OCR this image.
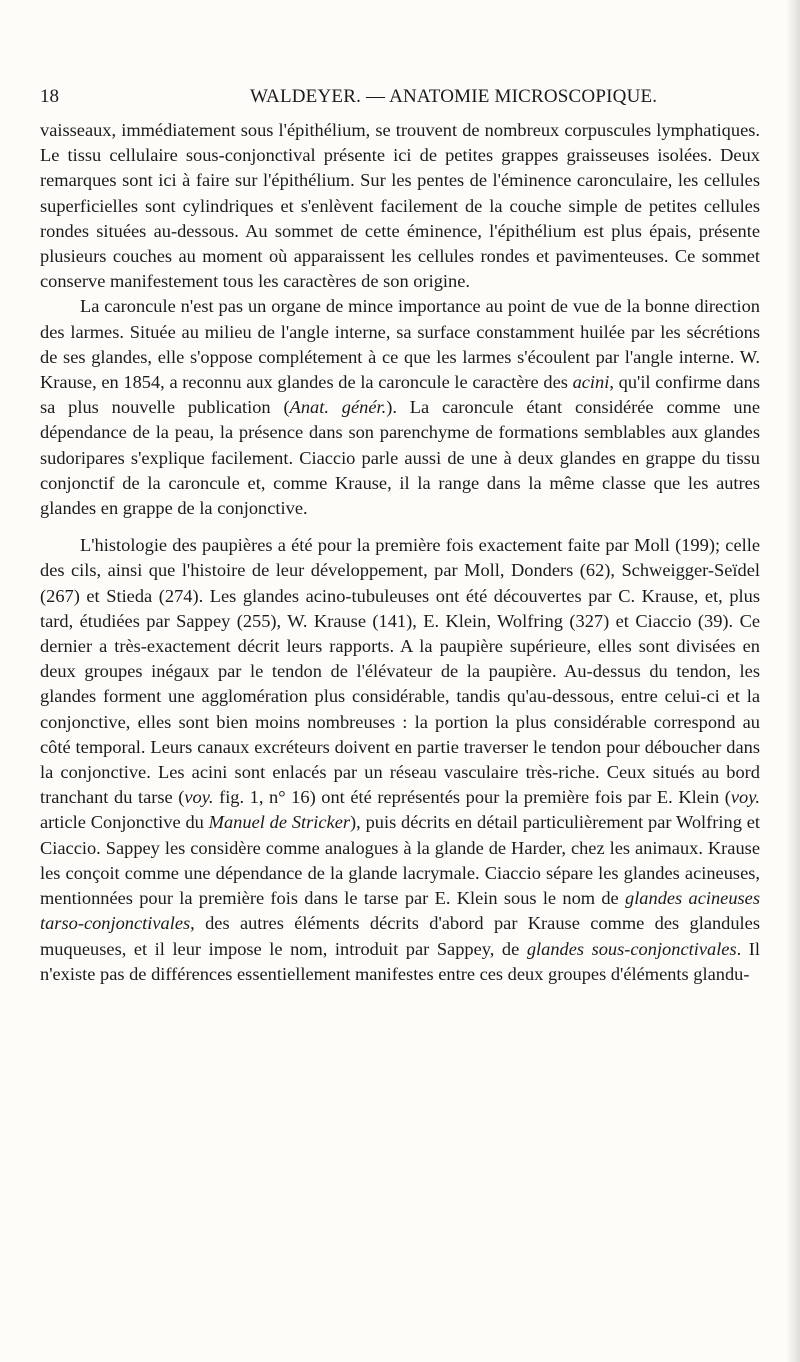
18	WALDEYER. — ANATOMIE MICROSCOPIQUE.

vaisseaux, immédiatement sous l'épithélium, se trouvent de nombreux corpuscules lymphatiques. Le tissu cellulaire sous-conjonctival présente ici de petites grappes graisseuses isolées. Deux remarques sont ici à faire sur l'épithélium. Sur les pentes de l'éminence caronculaire, les cellules superficielles sont cylindriques et s'enlèvent facilement de la couche simple de petites cellules rondes situées au-dessous. Au sommet de cette éminence, l'épithélium est plus épais, présente plusieurs couches au moment où apparaissent les cellules rondes et pavimenteuses. Ce sommet conserve manifestement tous les caractères de son origine.

La caroncule n'est pas un organe de mince importance au point de vue de la bonne direction des larmes. Située au milieu de l'angle interne, sa surface constamment huilée par les sécrétions de ses glandes, elle s'oppose complétement à ce que les larmes s'écoulent par l'angle interne. W. Krause, en 1854, a reconnu aux glandes de la caroncule le caractère des acini, qu'il confirme dans sa plus nouvelle publication (Anat. génér.). La caroncule étant considérée comme une dépendance de la peau, la présence dans son parenchyme de formations semblables aux glandes sudoripares s'explique facilement. Ciaccio parle aussi de une à deux glandes en grappe du tissu conjonctif de la caroncule et, comme Krause, il la range dans la même classe que les autres glandes en grappe de la conjonctive.

L'histologie des paupières a été pour la première fois exactement faite par Moll (199); celle des cils, ainsi que l'histoire de leur développement, par Moll, Donders (62), Schweigger-Seïdel (267) et Stieda (274). Les glandes acino-tubuleuses ont été découvertes par C. Krause, et, plus tard, étudiées par Sappey (255), W. Krause (141), E. Klein, Wolfring (327) et Ciaccio (39). Ce dernier a très-exactement décrit leurs rapports. A la paupière supérieure, elles sont divisées en deux groupes inégaux par le tendon de l'élévateur de la paupière. Au-dessus du tendon, les glandes forment une agglomération plus considérable, tandis qu'au-dessous, entre celui-ci et la conjonctive, elles sont bien moins nombreuses : la portion la plus considérable correspond au côté temporal. Leurs canaux excréteurs doivent en partie traverser le tendon pour déboucher dans la conjonctive. Les acini sont enlacés par un réseau vasculaire très-riche. Ceux situés au bord tranchant du tarse (voy. fig. 1, n° 16) ont été représentés pour la première fois par E. Klein (voy. article Conjonctive du Manuel de Stricker), puis décrits en détail particulièrement par Wolfring et Ciaccio. Sappey les considère comme analogues à la glande de Harder, chez les animaux. Krause les conçoit comme une dépendance de la glande lacrymale. Ciaccio sépare les glandes acineuses, mentionnées pour la première fois dans le tarse par E. Klein sous le nom de glandes acineuses tarso-conjonctivales, des autres éléments décrits d'abord par Krause comme des glandules muqueuses, et il leur impose le nom, introduit par Sappey, de glandes sous-conjonctivales. Il n'existe pas de différences essentiellement manifestes entre ces deux groupes d'éléments glandu-
